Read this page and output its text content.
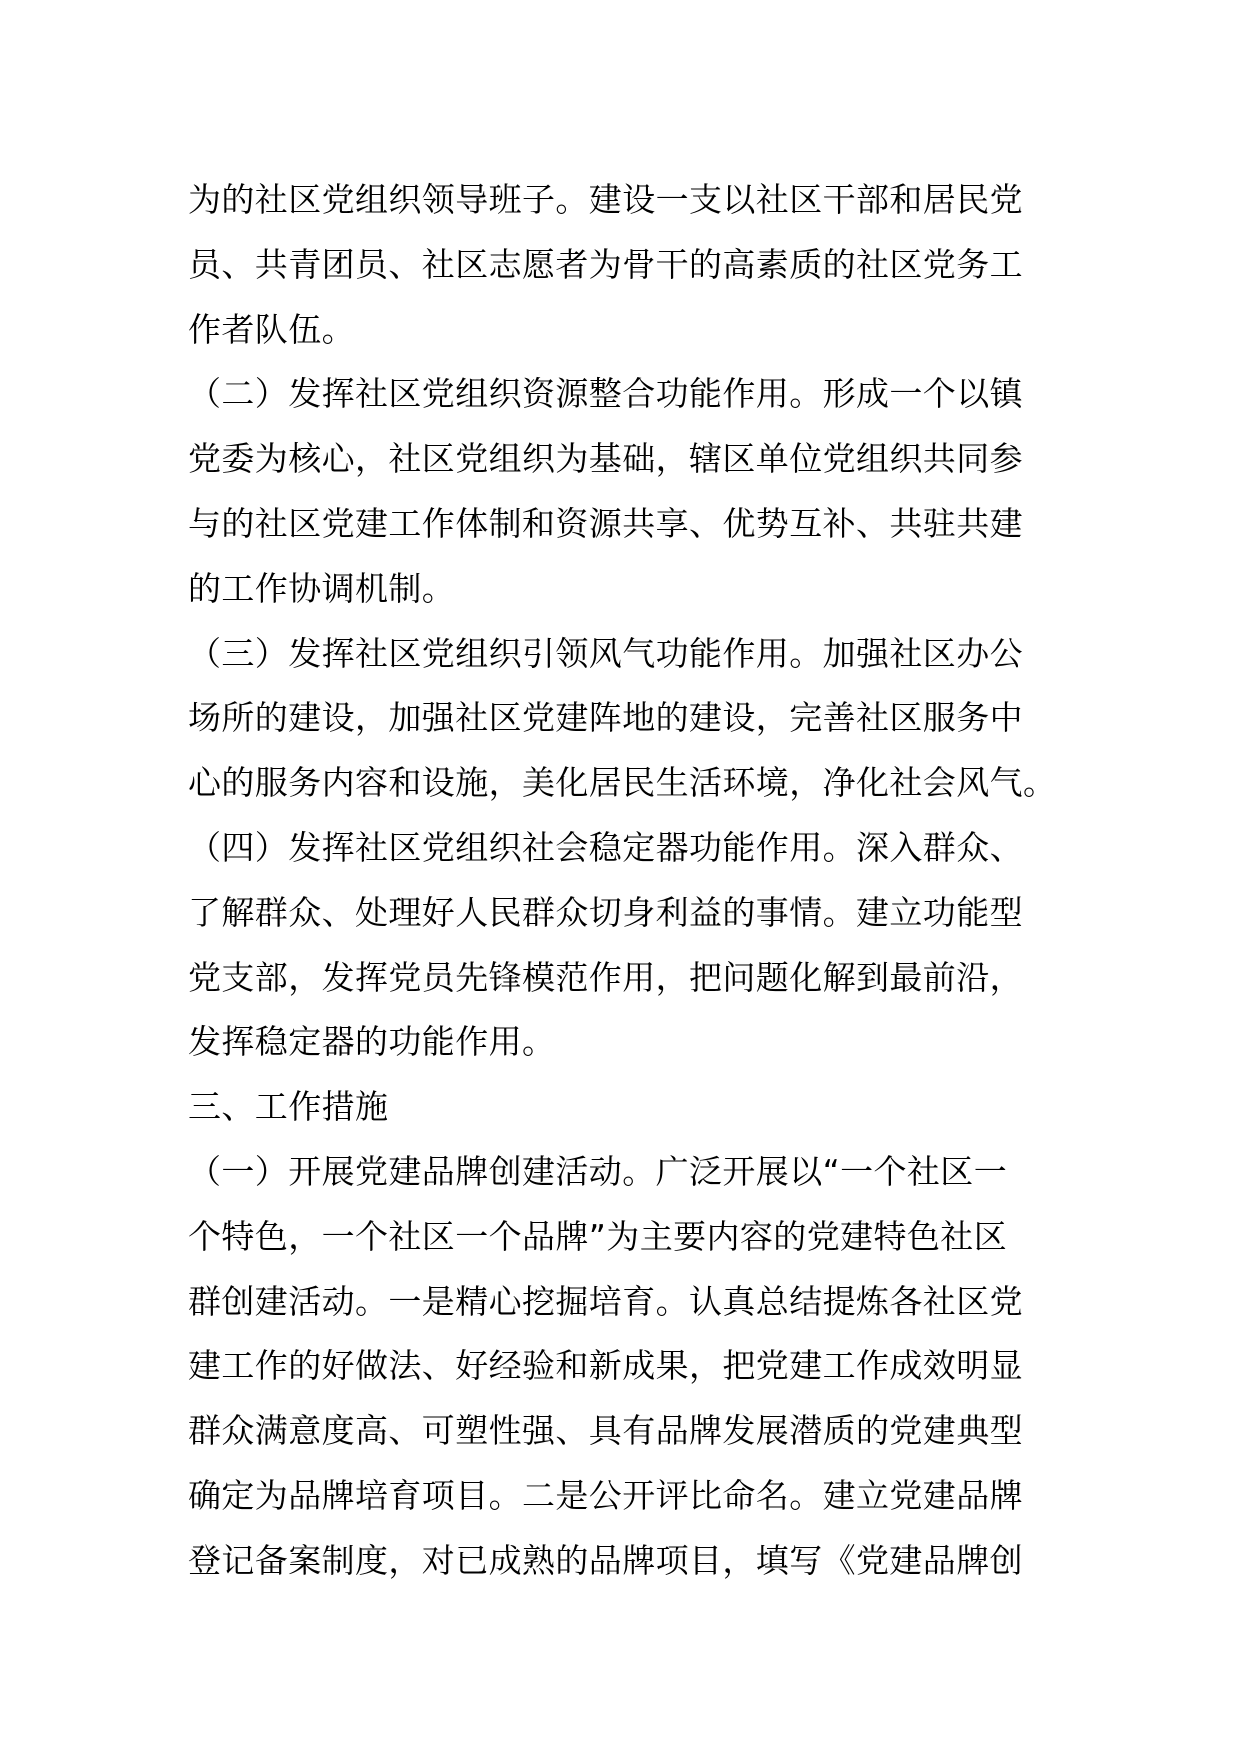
为的社区党组织领导班子。建设一支以社区干部和居民党
员、共青团员、社区志愿者为骨干的高素质的社区党务工
作者队伍。
（二）发挥社区党组织资源整合功能作用。形成一个以镇
党委为核心，社区党组织为基础，辖区单位党组织共同参
与的社区党建工作体制和资源共享、优势互补、共驻共建
的工作协调机制。
（三）发挥社区党组织引领风气功能作用。加强社区办公
场所的建设，加强社区党建阵地的建设，完善社区服务中
心的服务内容和设施，美化居民生活环境，净化社会风气。
（四）发挥社区党组织社会稳定器功能作用。深入群众、
了解群众、处理好人民群众切身利益的事情。建立功能型
党支部，发挥党员先锋模范作用，把问题化解到最前沿，
发挥稳定器的功能作用。
三、工作措施
（一）开展党建品牌创建活动。广泛开展以“一个社区一
个特色，一个社区一个品牌”为主要内容的党建特色社区
群创建活动。一是精心挖掘培育。认真总结提炼各社区党
建工作的好做法、好经验和新成果，把党建工作成效明显
群众满意度高、可塑性强、具有品牌发展潜质的党建典型
确定为品牌培育项目。二是公开评比命名。建立党建品牌
登记备案制度，对已成熟的品牌项目，填写《党建品牌创
